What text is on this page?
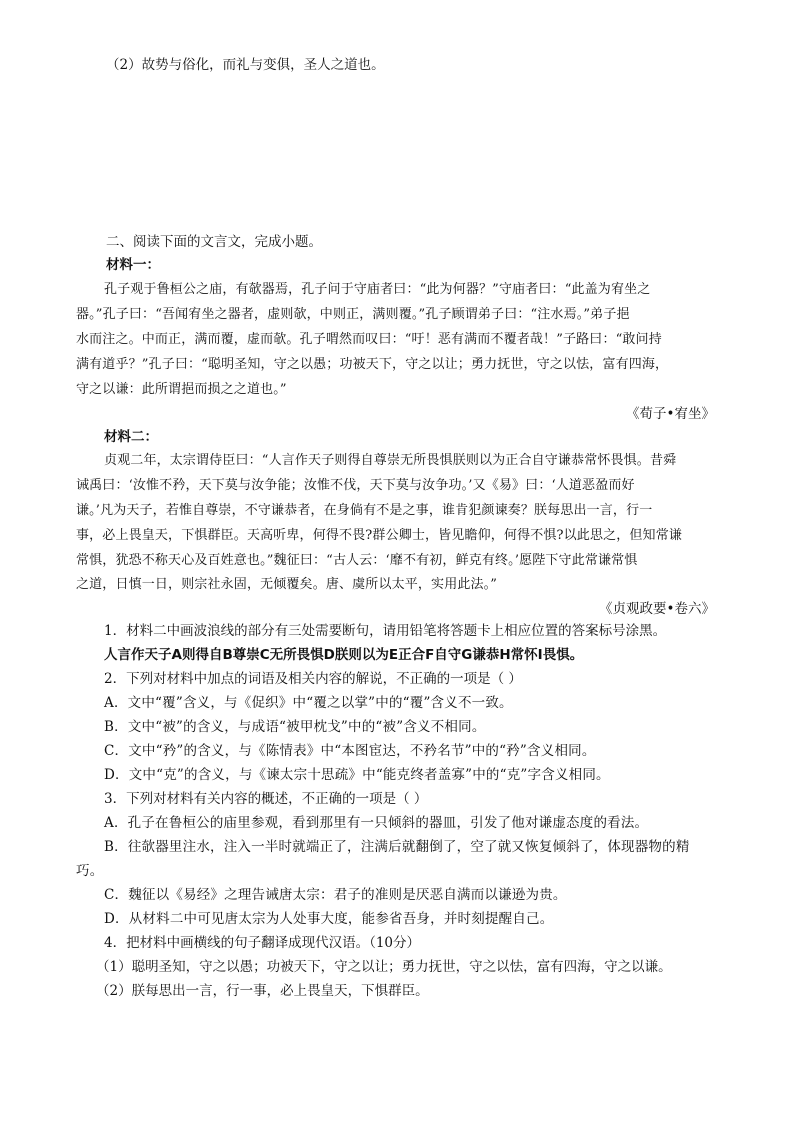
（2）故势与俗化，而礼与变俱，圣人之道也。
二、阅读下面的文言文，完成小题。
材料一：
孔子观于鲁桓公之庙，有欹器焉，孔子问于守庙者曰：“此为何器？”守庙者曰：“此盖为宥坐之
器。”孔子曰：“吾闻宥坐之器者，虚则欹，中则正，满则覆。”孔子顾谓弟子曰：“注水焉。”弟子挹
水而注之。中而正，满而覆，虚而欹。孔子喟然而叹曰：“吁！恶有满而不覆者哉！”子路曰：“敢问持
满有道乎？”孔子曰：“聪明圣知，守之以愚；功被天下，守之以让；勇力抚世，守之以怯，富有四海，
守之以谦：此所谓挹而损之之道也。”
《荀子•宥坐》
材料二：
贞观二年，太宗谓侍臣曰：“人言作天子则得自尊崇无所畏惧朕则以为正合自守谦恭常怀畏惧。昔舜
诫禹曰：‘汝惟不矜，天下莫与汝争能；汝惟不伐，天下莫与汝争功。’又《易》曰：‘人道恶盈而好
谦。’凡为天子，若惟自尊崇，不守谦恭者，在身倘有不是之事，谁肯犯颜谏奏？朕每思出一言，行一
事，必上畏皇天，下惧群臣。天高听卑，何得不畏?群公卿士，皆见瞻仰，何得不惧?以此思之，但知常谦
常惧，犹恐不称天心及百姓意也。”魏征曰：“古人云：‘靡不有初，鲜克有终。’愿陛下守此常谦常惧
之道，日慎一日，则宗社永固，无倾覆矣。唐、虞所以太平，实用此法。”
《贞观政要•卷六》
1．材料二中画波浪线的部分有三处需要断句，请用铅笔将答题卡上相应位置的答案标号涂黑。
人言作天子A则得自B尊崇C无所畏惧D朕则以为E正合F自守G谦恭H常怀I畏惧。
2．下列对材料中加点的词语及相关内容的解说，不正确的一项是（ ）
A．文中“覆”含义，与《促织》中“覆之以掌”中的“覆”含义不一致。
B．文中“被”的含义，与成语“被甲枕戈”中的“被”含义不相同。
C．文中“矜”的含义，与《陈情表》中“本图宦达，不矜名节”中的“矜”含义相同。
D．文中“克”的含义，与《谏太宗十思疏》中“能克终者盖寡”中的“克”字含义相同。
3．下列对材料有关内容的概述，不正确的一项是（ ）
A．孔子在鲁桓公的庙里参观，看到那里有一只倾斜的器皿，引发了他对谦虚态度的看法。
B．往欹器里注水，注入一半时就端正了，注满后就翻倒了，空了就又恢复倾斜了，体现器物的精
巧。
C．魏征以《易经》之理告诫唐太宗：君子的准则是厌恶自满而以谦逊为贵。
D．从材料二中可见唐太宗为人处事大度，能参省吾身，并时刻提醒自己。
4．把材料中画横线的句子翻译成现代汉语。（10分）
（1）聪明圣知，守之以愚；功被天下，守之以让；勇力抚世，守之以怯，富有四海，守之以谦。
（2）朕每思出一言，行一事，必上畏皇天，下惧群臣。
